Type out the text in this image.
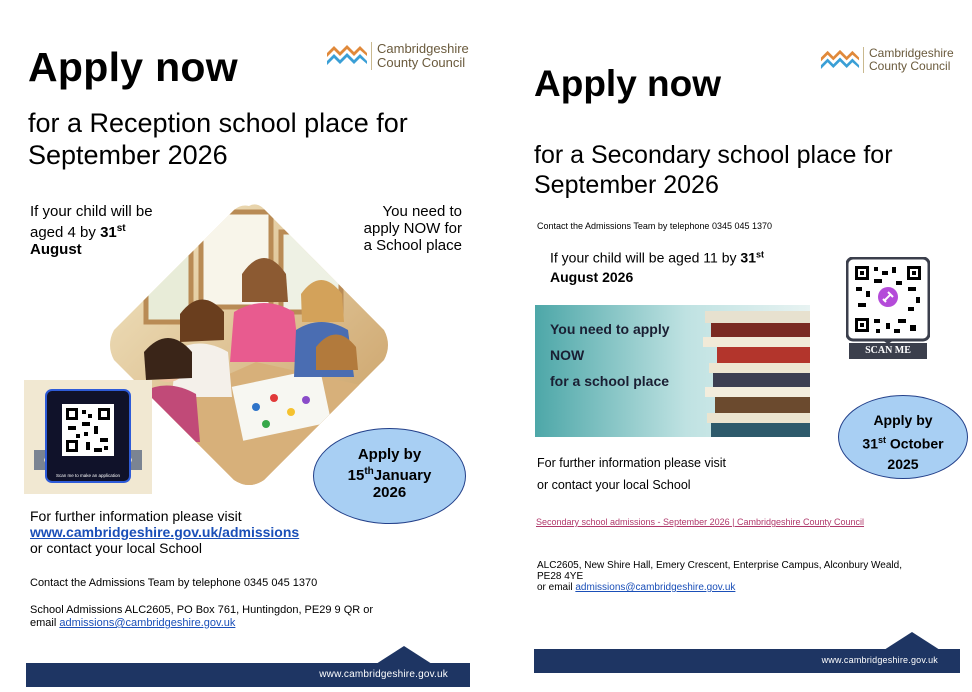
Apply now	Cambridgeshire
County Council
for a Reception school place for September 2026
If your child will be aged 4 by 31st August
You need to apply NOW for a School place
Scan me to make an application
Apply by
15thJanuary
2026
For further information please visit
www.cambridgeshire.gov.uk/admissions
or contact your local School
Contact the Admissions Team by telephone 0345 045 1370
School Admissions ALC2605, PO Box 761, Huntingdon, PE29 9 QR or
email admissions@cambridgeshire.gov.uk
www.cambridgeshire.gov.uk
Apply now
Cambridgeshire
County Council
for a Secondary school place for September 2026
Contact the Admissions Team by telephone 0345 045 1370
If your child will be aged 11 by 31st
August 2026
You need to apply
NOW
for a school place
SCAN ME
Apply by
31st October
2025
For further information please visit
or contact your local School
Secondary school admissions - September 2026 | Cambridgeshire County Council
ALC2605, New Shire Hall, Emery Crescent, Enterprise Campus, Alconbury Weald, PE28 4YE
or email admissions@cambridgeshire.gov.uk
www.cambridgeshire.gov.uk
